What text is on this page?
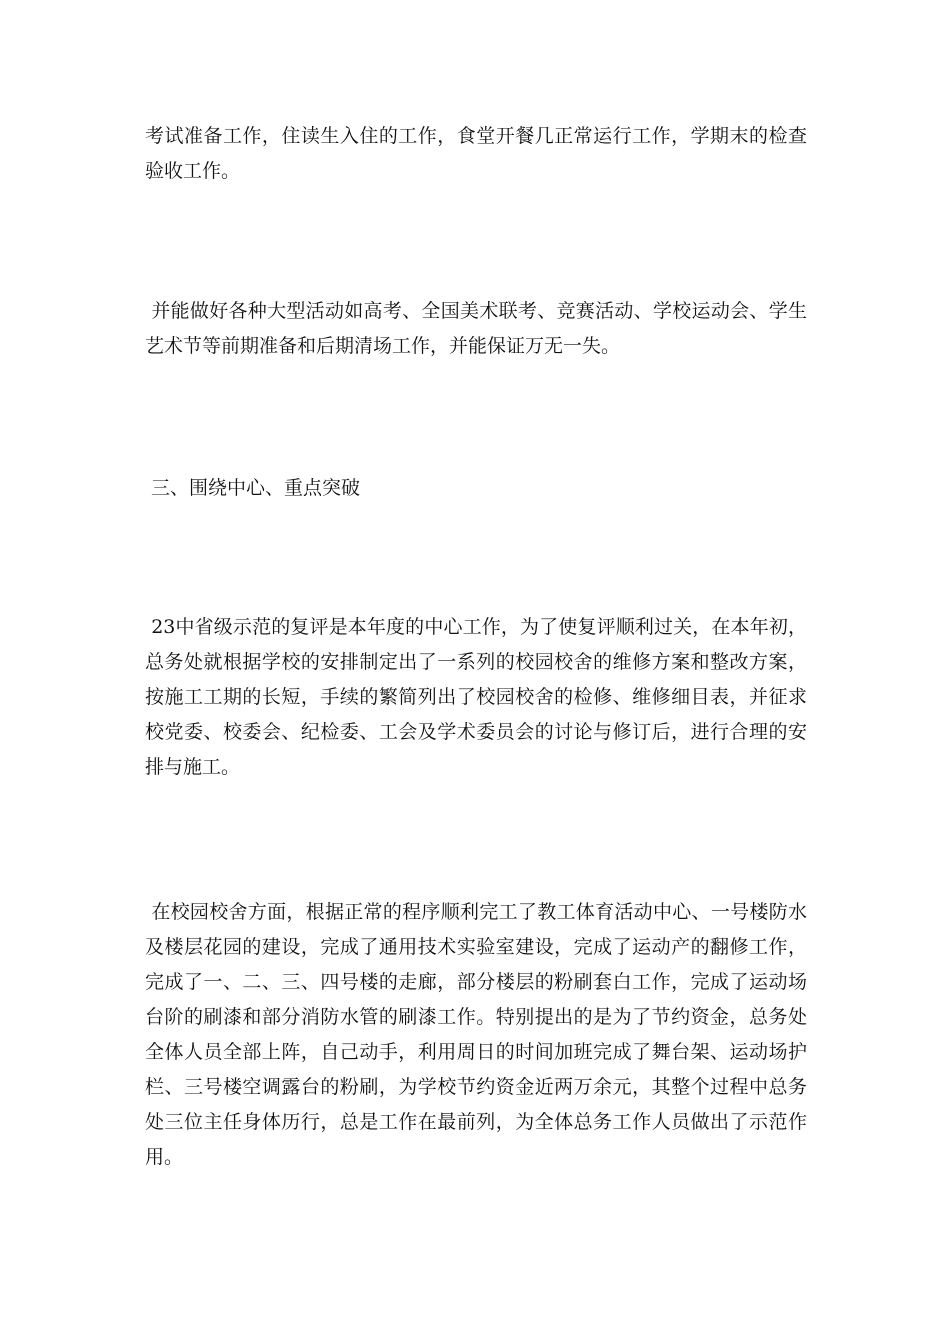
考试准备工作，住读生入住的工作，食堂开餐几正常运行工作，学期末的检查验收工作。

并能做好各种大型活动如高考、全国美术联考、竞赛活动、学校运动会、学生艺术节等前期准备和后期清场工作，并能保证万无一失。

三、围绕中心、重点突破

23中省级示范的复评是本年度的中心工作，为了使复评顺利过关，在本年初，总务处就根据学校的安排制定出了一系列的校园校舍的维修方案和整改方案，按施工工期的长短，手续的繁简列出了校园校舍的检修、维修细目表，并征求校党委、校委会、纪检委、工会及学术委员会的讨论与修订后，进行合理的安排与施工。

在校园校舍方面，根据正常的程序顺利完工了教工体育活动中心、一号楼防水及楼层花园的建设，完成了通用技术实验室建设，完成了运动产的翻修工作，完成了一、二、三、四号楼的走廊，部分楼层的粉刷套白工作，完成了运动场台阶的刷漆和部分消防水管的刷漆工作。特别提出的是为了节约资金，总务处全体人员全部上阵，自己动手，利用周日的时间加班完成了舞台架、运动场护栏、三号楼空调露台的粉刷，为学校节约资金近两万余元，其整个过程中总务处三位主任身体历行，总是工作在最前列，为全体总务工作人员做出了示范作用。
